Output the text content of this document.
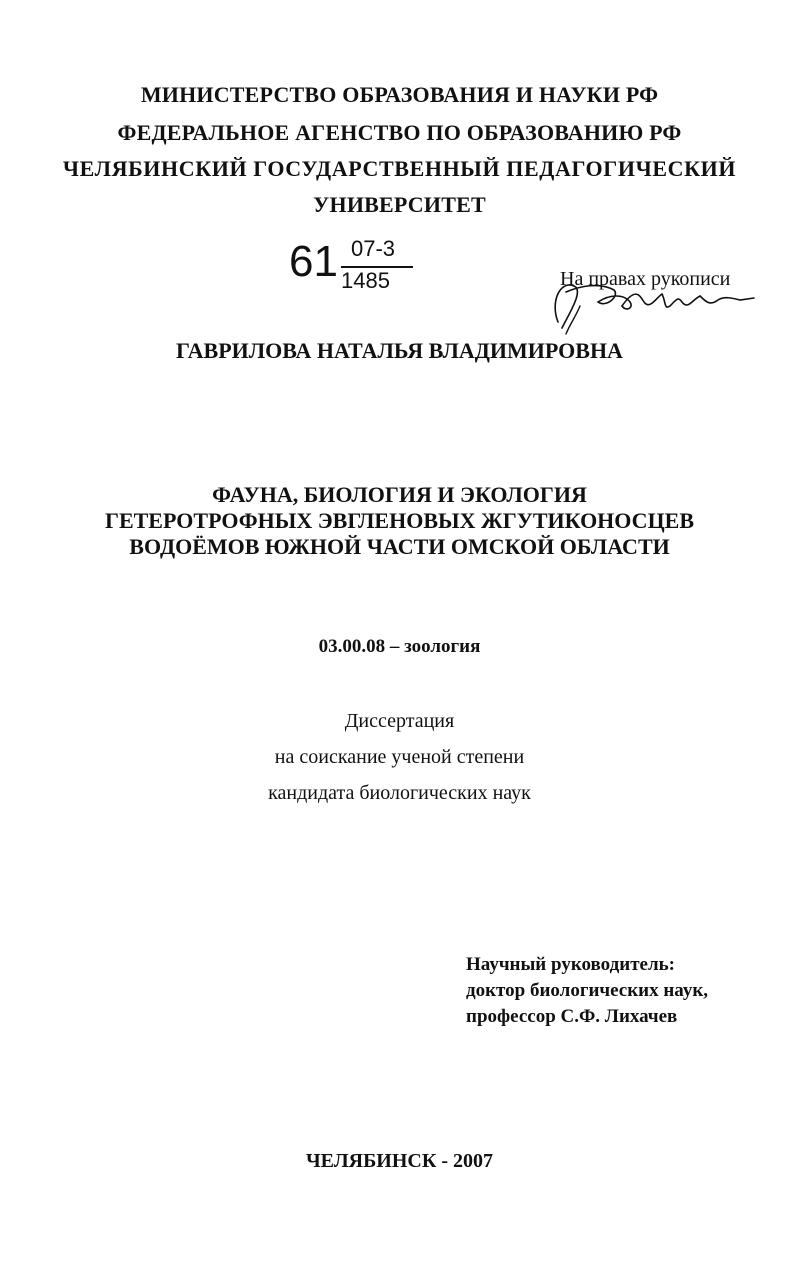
МИНИСТЕРСТВО ОБРАЗОВАНИЯ И НАУКИ РФ
ФЕДЕРАЛЬНОЕ АГЕНСТВО ПО ОБРАЗОВАНИЮ РФ
ЧЕЛЯБИНСКИЙ ГОСУДАРСТВЕННЫЙ ПЕДАГОГИЧЕСКИЙ
УНИВЕРСИТЕТ
61 07-3
1485	На правах рукописи
ГАВРИЛОВА НАТАЛЬЯ ВЛАДИМИРОВНА
ФАУНА, БИОЛОГИЯ И ЭКОЛОГИЯ
ГЕТЕРОТРОФНЫХ ЭВГЛЕНОВЫХ ЖГУТИКОНОСЦЕВ
ВОДОЁМОВ ЮЖНОЙ ЧАСТИ ОМСКОЙ ОБЛАСТИ
03.00.08 – зоология
Диссертация
на соискание ученой степени
кандидата биологических наук
Научный руководитель:
доктор биологических наук,
профессор С.Ф. Лихачев
ЧЕЛЯБИНСК - 2007
